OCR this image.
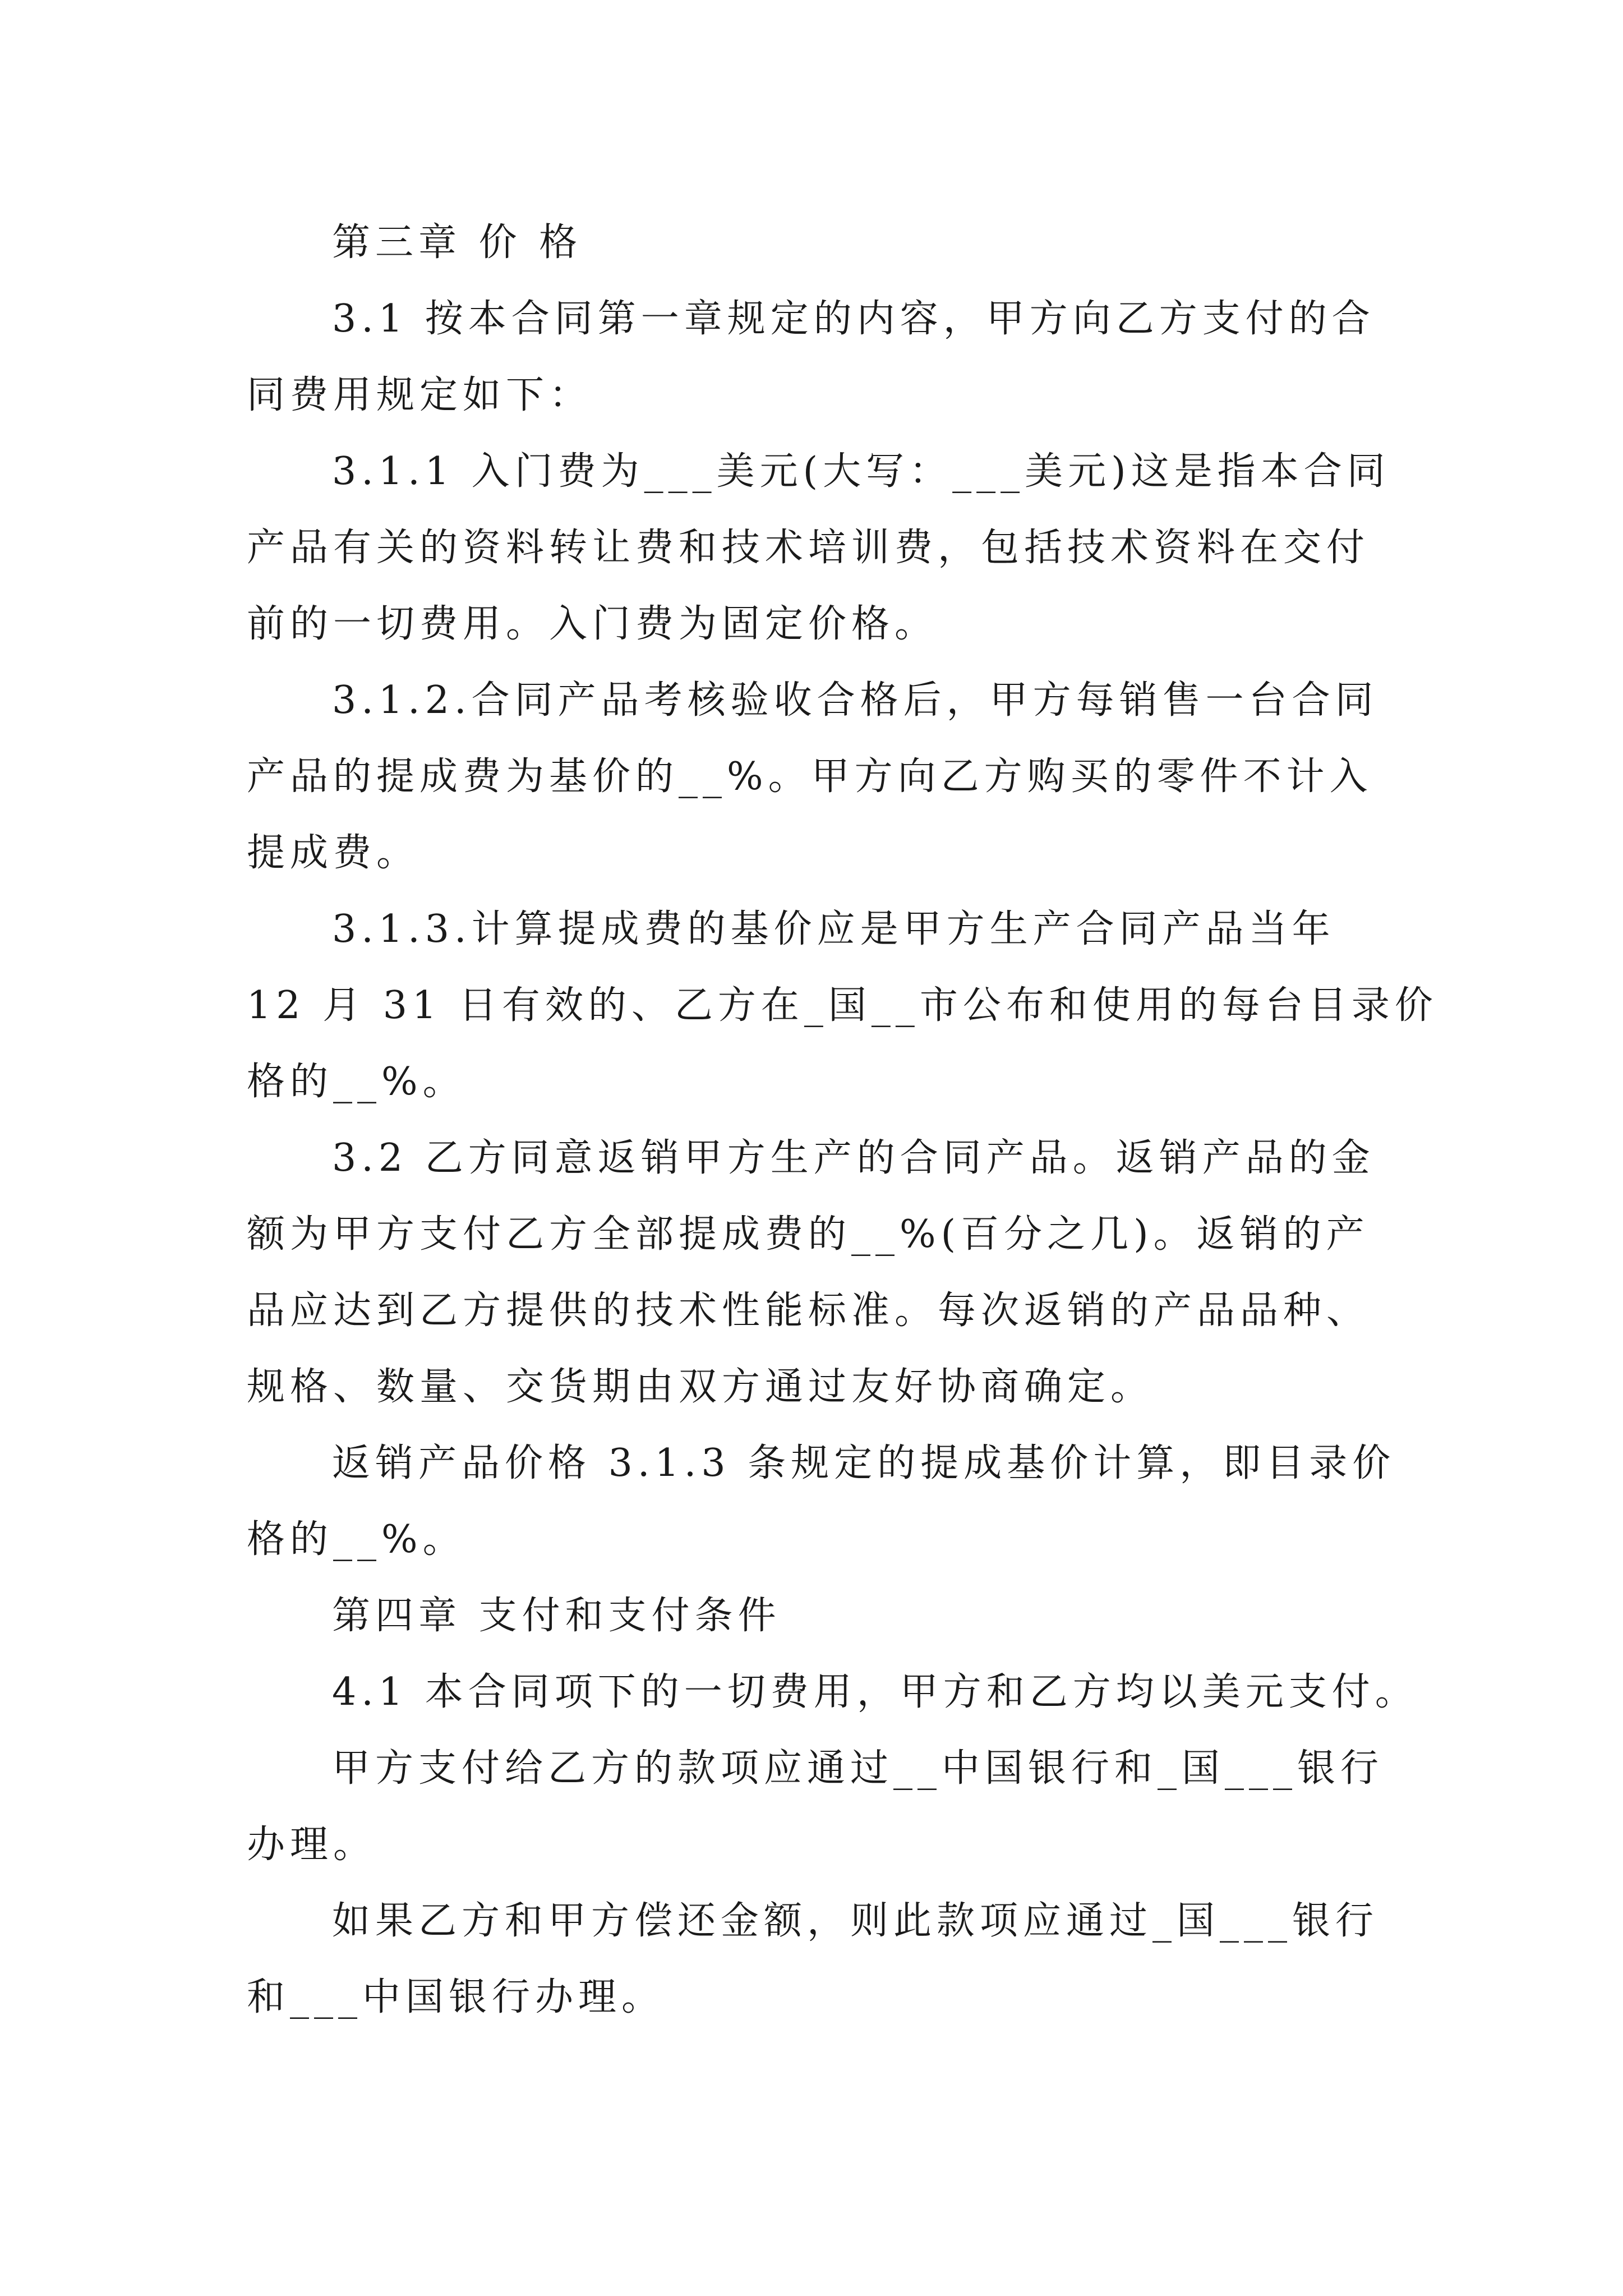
第三章 价 格
3.1 按本合同第一章规定的内容，甲方向乙方支付的合
同费用规定如下：
3.1.1 入门费为___美元(大写：___美元)这是指本合同
产品有关的资料转让费和技术培训费，包括技术资料在交付
前的一切费用。入门费为固定价格。
3.1.2.合同产品考核验收合格后，甲方每销售一台合同
产品的提成费为基价的__%。甲方向乙方购买的零件不计入
提成费。
3.1.3.计算提成费的基价应是甲方生产合同产品当年
12 月 31 日有效的、乙方在_国__市公布和使用的每台目录价
格的__%。
3.2 乙方同意返销甲方生产的合同产品。返销产品的金
额为甲方支付乙方全部提成费的__%(百分之几)。返销的产
品应达到乙方提供的技术性能标准。每次返销的产品品种、
规格、数量、交货期由双方通过友好协商确定。
返销产品价格 3.1.3 条规定的提成基价计算，即目录价
格的__%。
第四章 支付和支付条件
4.1 本合同项下的一切费用，甲方和乙方均以美元支付。
甲方支付给乙方的款项应通过__中国银行和_国___银行
办理。
如果乙方和甲方偿还金额，则此款项应通过_国___银行
和___中国银行办理。
